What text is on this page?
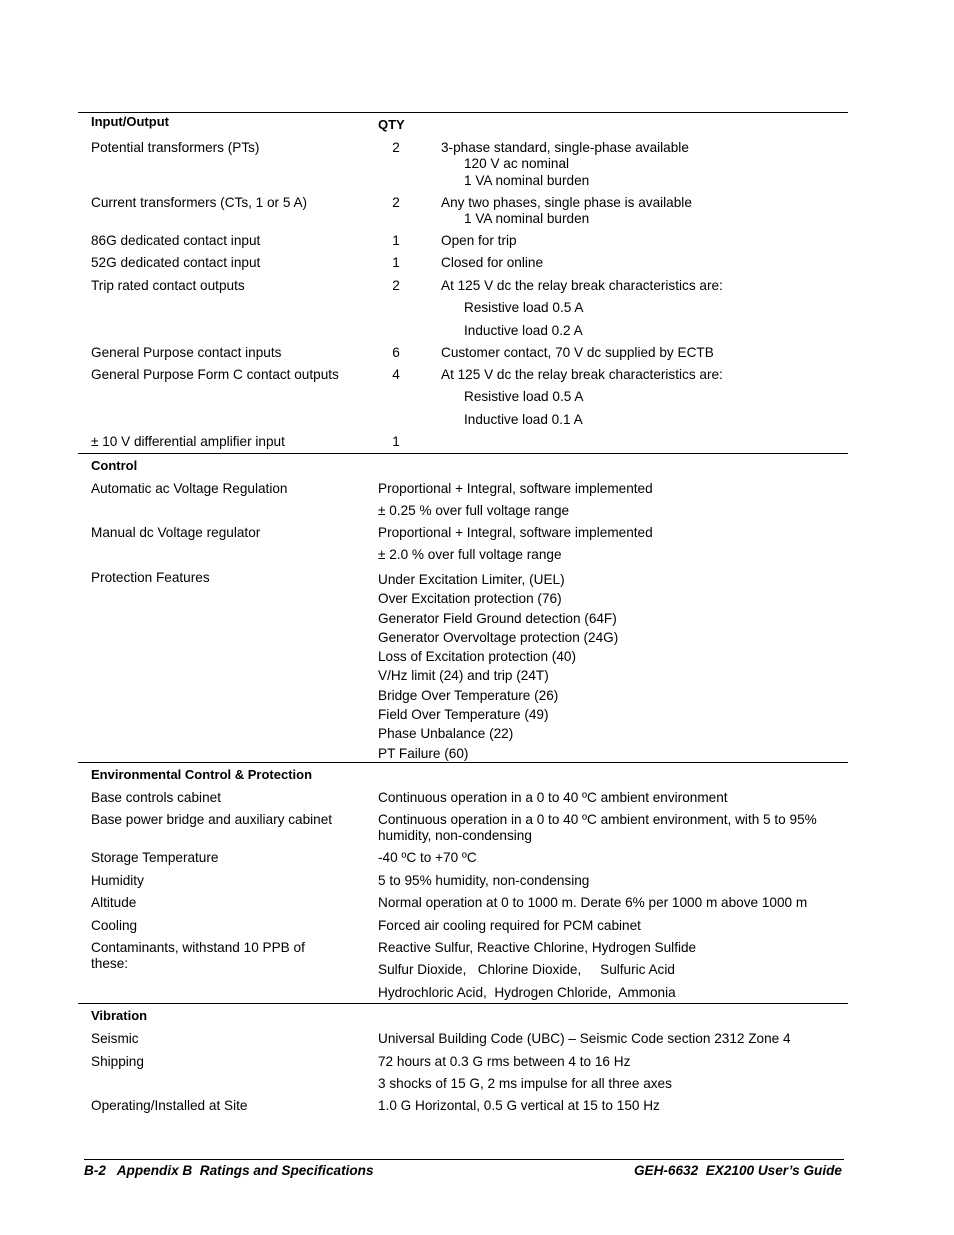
Input/Output	QTY
Potential transformers (PTs)	2	3-phase standard, single-phase available
120 V ac nominal
1 VA nominal burden
Current transformers (CTs, 1 or 5 A)	2	Any two phases, single phase is available
1 VA nominal burden
86G dedicated contact input	1	Open for trip
52G dedicated contact input	1	Closed for online
Trip rated contact outputs	2	At 125 V dc the relay break characteristics are:
Resistive load 0.5 A
Inductive load 0.2 A
General Purpose contact inputs	6	Customer contact, 70 V dc supplied by ECTB
General Purpose Form C contact outputs	4	At 125 V dc the relay break characteristics are:
Resistive load 0.5 A
Inductive load 0.1 A
± 10 V differential amplifier input	1
Control
Automatic ac Voltage Regulation	Proportional + Integral, software implemented
± 0.25 % over full voltage range
Manual dc Voltage regulator	Proportional + Integral, software implemented
± 2.0 % over full voltage range
Protection Features	Under Excitation Limiter, (UEL)
Over Excitation protection (76)
Generator Field Ground detection (64F)
Generator Overvoltage protection (24G)
Loss of Excitation protection (40)
V/Hz limit (24) and trip (24T)
Bridge Over Temperature (26)
Field Over Temperature (49)
Phase Unbalance (22)
PT Failure (60)
Environmental Control & Protection
Base controls cabinet	Continuous operation in a 0 to 40 ºC ambient environment
Base power bridge and auxiliary cabinet	Continuous operation in a 0 to 40 ºC ambient environment, with 5 to 95% humidity, non-condensing
Storage Temperature	-40 ºC to +70 ºC
Humidity	5 to 95% humidity, non-condensing
Altitude	Normal operation at 0 to 1000 m. Derate 6% per 1000 m above 1000 m
Cooling	Forced air cooling required for PCM cabinet
Contaminants, withstand 10 PPB of these:
Reactive Sulfur, Reactive Chlorine, Hydrogen Sulfide
Sulfur Dioxide,   Chlorine Dioxide,     Sulfuric Acid
Hydrochloric Acid,  Hydrogen Chloride,  Ammonia
Vibration
Seismic	Universal Building Code (UBC) – Seismic Code section 2312 Zone 4
Shipping	72 hours at 0.3 G rms between 4 to 16 Hz
3 shocks of 15 G, 2 ms impulse for all three axes
Operating/Installed at Site	1.0 G Horizontal, 0.5 G vertical at 15 to 150 Hz
B-2   Appendix B  Ratings and Specifications	GEH-6632  EX2100 User’s Guide
